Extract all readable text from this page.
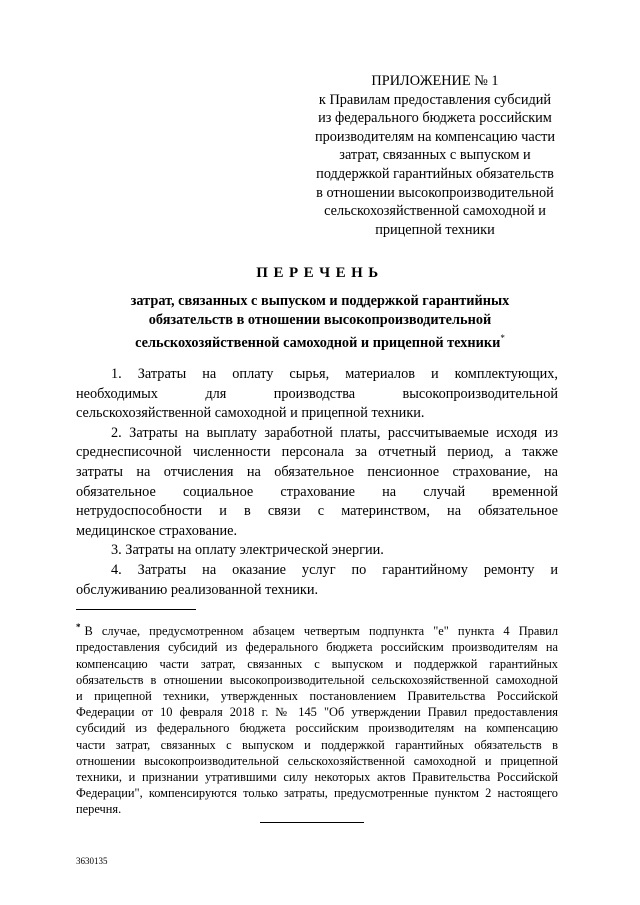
ПРИЛОЖЕНИЕ № 1
к Правилам предоставления субсидий
из федерального бюджета российским
производителям на компенсацию части
затрат, связанных с выпуском и
поддержкой гарантийных обязательств
в отношении высокопроизводительной
сельскохозяйственной самоходной и
прицепной техники
ПЕРЕЧЕНЬ
затрат, связанных с выпуском и поддержкой гарантийных
обязательств в отношении высокопроизводительной
сельскохозяйственной самоходной и прицепной техники*

1. Затраты на оплату сырья, материалов и комплектующих,
необходимых для производства высокопроизводительной
сельскохозяйственной самоходной и прицепной техники.

2. Затраты на выплату заработной платы, рассчитываемые исходя из
среднесписочной численности персонала за отчетный период, а также
затраты на отчисления на обязательное пенсионное страхование, на
обязательное социальное страхование на случай временной
нетрудоспособности и в связи с материнством, на обязательное
медицинское страхование.

3. Затраты на оплату электрической энергии.

4. Затраты на оказание услуг по гарантийному ремонту и
обслуживанию реализованной техники.

* В случае, предусмотренном абзацем четвертым подпункта "е" пункта 4 Правил
предоставления субсидий из федерального бюджета российским производителям на
компенсацию части затрат, связанных с выпуском и поддержкой гарантийных
обязательств в отношении высокопроизводительной сельскохозяйственной самоходной
и прицепной техники, утвержденных постановлением Правительства Российской
Федерации от 10 февраля 2018 г. № 145 "Об утверждении Правил предоставления
субсидий из федерального бюджета российским производителям на компенсацию
части затрат, связанных с выпуском и поддержкой гарантийных обязательств в
отношении высокопроизводительной сельскохозяйственной самоходной и прицепной
техники, и признании утратившими силу некоторых актов Правительства Российской
Федерации", компенсируются только затраты, предусмотренные пунктом 2 настоящего
перечня.
3630135
